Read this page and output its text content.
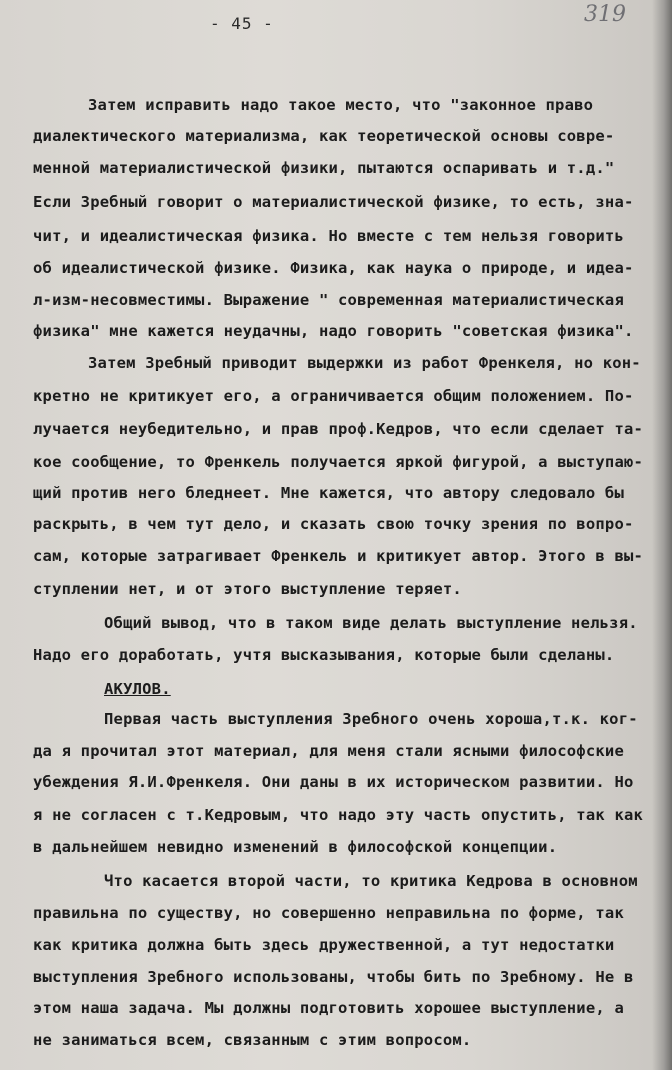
- 45 -	319
Затем исправить надо такое место, что "законное право
диалектического материализма, как теоретической основы совре-
менной материалистической физики, пытаются оспаривать и т.д."
Если Зребный говорит о материалистической физике, то есть, зна-
чит, и идеалистическая физика. Но вместе с тем нельзя говорить
об идеалистической физике. Физика, как наука о природе, и идеа-
л-изм-несовместимы. Выражение " современная материалистическая
физика" мне кажется неудачны, надо говорить "советская физика".
Затем Зребный приводит выдержки из работ Френкеля, но кон-
кретно не критикует его, а ограничивается общим положением. По-
лучается неубедительно, и прав проф.Кедров, что если сделает та-
кое сообщение, то Френкель получается яркой фигурой, а выступаю-
щий против него бледнеет. Мне кажется, что автору следовало бы
раскрыть, в чем тут дело, и сказать свою точку зрения по вопро-
сам, которые затрагивает Френкель и критикует автор. Этого в вы-
ступлении нет, и от этого выступление теряет.
Общий вывод, что в таком виде делать выступление нельзя.
Надо его доработать, учтя высказывания, которые были сделаны.
АКУЛОВ.
Первая часть выступления Зребного очень хороша,т.к. ког-
да я прочитал этот материал, для меня стали ясными философские
убеждения Я.И.Френкеля. Они даны в их историческом развитии. Но
я не согласен с т.Кедровым, что надо эту часть опустить, так как
в дальнейшем невидно изменений в философской концепции.
Что касается второй части, то критика Кедрова в основном
правильна по существу, но совершенно неправильна по форме, так
как критика должна быть здесь дружественной, а тут недостатки
выступления Зребного использованы, чтобы бить по Зребному. Не в
этом наша задача. Мы должны подготовить хорошее выступление, а
не заниматься всем, связанным с этим вопросом.
